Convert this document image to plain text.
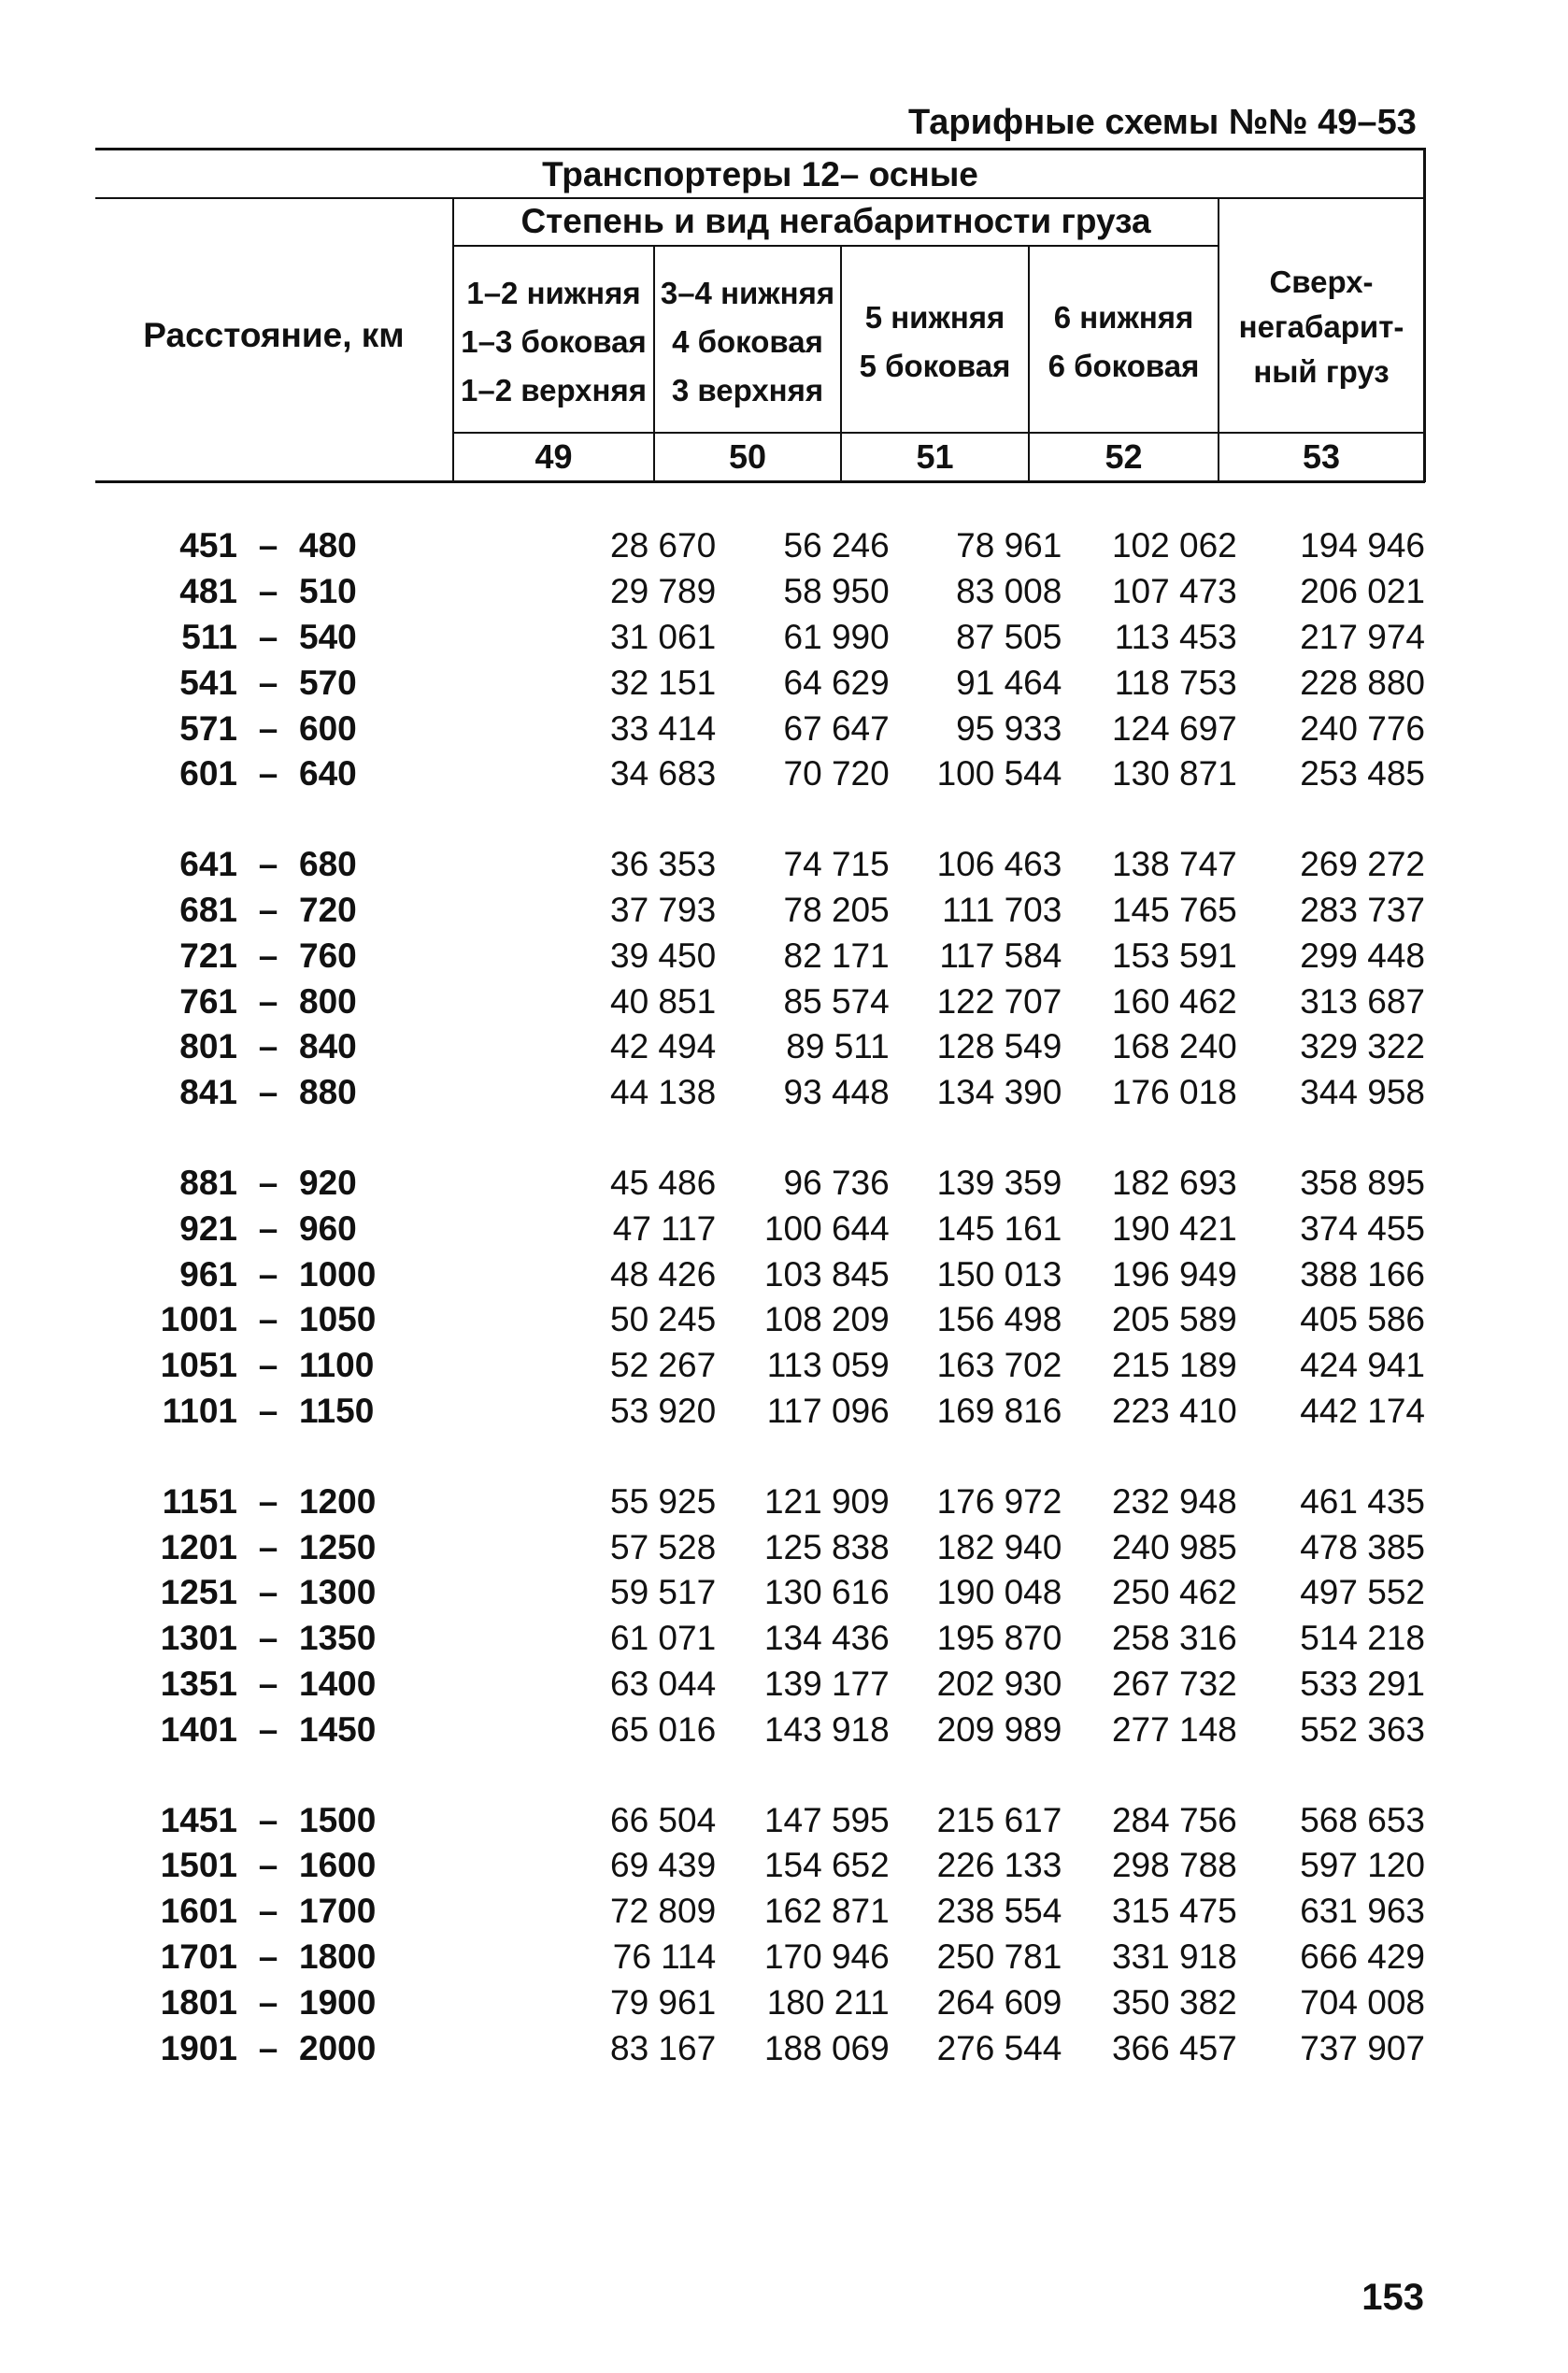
Тарифные схемы №№ 49–53
Транспортеры 12– осные
Степень и вид негабаритности груза
Расстояние, км
1–2 нижняя
1–3 боковая
1–2 верхняя
3–4 нижняя
4 боковая
3 верхняя
5 нижняя
5 боковая
6 нижняя
6 боковая
Сверх-
негабарит-
ный груз
49	50	51	52	53
451 – 480	28 670	56 246	78 961	102 062	194 946
481 – 510	29 789	58 950	83 008	107 473	206 021
511 – 540	31 061	61 990	87 505	113 453	217 974
541 – 570	32 151	64 629	91 464	118 753	228 880
571 – 600	33 414	67 647	95 933	124 697	240 776
601 – 640	34 683	70 720	100 544	130 871	253 485
641 – 680	36 353	74 715	106 463	138 747	269 272
681 – 720	37 793	78 205	111 703	145 765	283 737
721 – 760	39 450	82 171	117 584	153 591	299 448
761 – 800	40 851	85 574	122 707	160 462	313 687
801 – 840	42 494	89 511	128 549	168 240	329 322
841 – 880	44 138	93 448	134 390	176 018	344 958
881 – 920	45 486	96 736	139 359	182 693	358 895
921 – 960	47 117	100 644	145 161	190 421	374 455
961 – 1000	48 426	103 845	150 013	196 949	388 166
1001 – 1050	50 245	108 209	156 498	205 589	405 586
1051 – 1100	52 267	113 059	163 702	215 189	424 941
1101 – 1150	53 920	117 096	169 816	223 410	442 174
1151 – 1200	55 925	121 909	176 972	232 948	461 435
1201 – 1250	57 528	125 838	182 940	240 985	478 385
1251 – 1300	59 517	130 616	190 048	250 462	497 552
1301 – 1350	61 071	134 436	195 870	258 316	514 218
1351 – 1400	63 044	139 177	202 930	267 732	533 291
1401 – 1450	65 016	143 918	209 989	277 148	552 363
1451 – 1500	66 504	147 595	215 617	284 756	568 653
1501 – 1600	69 439	154 652	226 133	298 788	597 120
1601 – 1700	72 809	162 871	238 554	315 475	631 963
1701 – 1800	76 114	170 946	250 781	331 918	666 429
1801 – 1900	79 961	180 211	264 609	350 382	704 008
1901 – 2000	83 167	188 069	276 544	366 457	737 907
153
